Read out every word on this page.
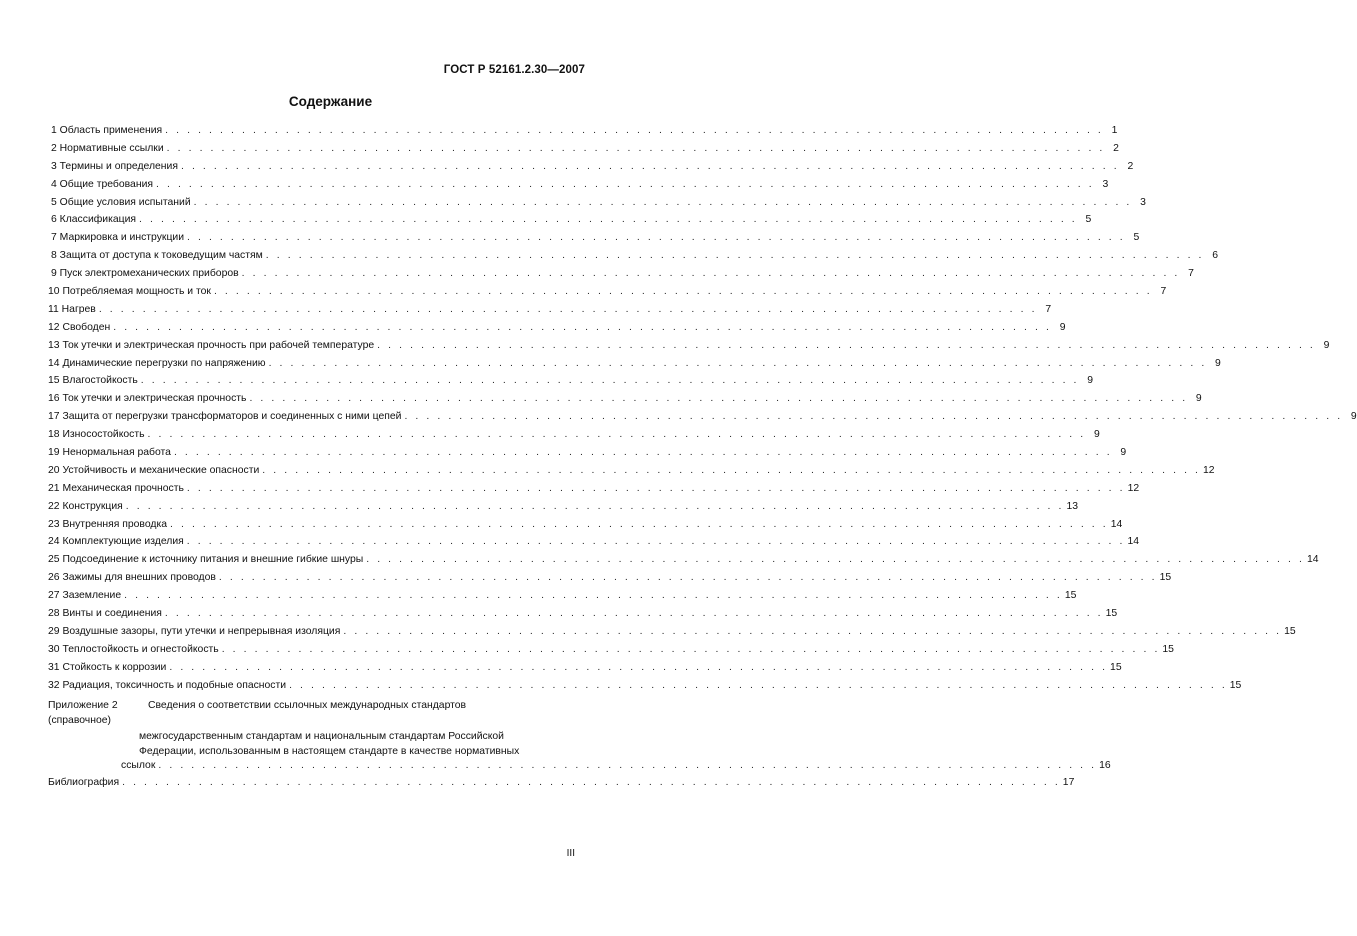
ГОСТ Р 52161.2.30—2007
Содержание
1 Область применения . . . . . . . . . . . . . . . . . . . . . . . . . . . . . . . . . . . . . . . . . . . . . . . . . . . . . . . . . . . . . . . . . . . . . . . . . . . . . . . . . . . . . . 1
2 Нормативные ссылки . . . . . . . . . . . . . . . . . . . . . . . . . . . . . . . . . . . . . . . . . . . . . . . . . . . . . . . . . . . . . . . . . . . . . . . . . . . . . . . . . . . . . . 2
3 Термины и определения . . . . . . . . . . . . . . . . . . . . . . . . . . . . . . . . . . . . . . . . . . . . . . . . . . . . . . . . . . . . . . . . . . . . . . . . . . . . . . . . . . . . . . 2
4 Общие требования . . . . . . . . . . . . . . . . . . . . . . . . . . . . . . . . . . . . . . . . . . . . . . . . . . . . . . . . . . . . . . . . . . . . . . . . . . . . . . . . . . . . . . 3
5 Общие условия испытаний . . . . . . . . . . . . . . . . . . . . . . . . . . . . . . . . . . . . . . . . . . . . . . . . . . . . . . . . . . . . . . . . . . . . . . . . . . . . . . . . . . . . . . 3
6 Классификация . . . . . . . . . . . . . . . . . . . . . . . . . . . . . . . . . . . . . . . . . . . . . . . . . . . . . . . . . . . . . . . . . . . . . . . . . . . . . . . . . . . . . . 5
7 Маркировка и инструкции . . . . . . . . . . . . . . . . . . . . . . . . . . . . . . . . . . . . . . . . . . . . . . . . . . . . . . . . . . . . . . . . . . . . . . . . . . . . . . . . . . . . . . 5
8 Защита от доступа к токоведущим частям . . . . . . . . . . . . . . . . . . . . . . . . . . . . . . . . . . . . . . . . . . . . . . . . . . . . . . . . . . . . . . . . . . . . . . . . . . . . . . . . . . . . . . 6
9 Пуск электромеханических приборов . . . . . . . . . . . . . . . . . . . . . . . . . . . . . . . . . . . . . . . . . . . . . . . . . . . . . . . . . . . . . . . . . . . . . . . . . . . . . . . . . . . . . . 7
10 Потребляемая мощность и ток . . . . . . . . . . . . . . . . . . . . . . . . . . . . . . . . . . . . . . . . . . . . . . . . . . . . . . . . . . . . . . . . . . . . . . . . . . . . . . . . . . . . . . 7
11 Нагрев . . . . . . . . . . . . . . . . . . . . . . . . . . . . . . . . . . . . . . . . . . . . . . . . . . . . . . . . . . . . . . . . . . . . . . . . . . . . . . . . . . . . . . 7
12 Свободен . . . . . . . . . . . . . . . . . . . . . . . . . . . . . . . . . . . . . . . . . . . . . . . . . . . . . . . . . . . . . . . . . . . . . . . . . . . . . . . . . . . . . . 9
13 Ток утечки и электрическая прочность при рабочей температуре . . . . . . . . . . . . . . . . . . . . . . . . . . . . . . . . . . . . . . . . . . . . . . . . . . . . . . . . . . . . . . . . . . . . . . . . . . . . . . . . . . . . . . 9
14 Динамические перегрузки по напряжению . . . . . . . . . . . . . . . . . . . . . . . . . . . . . . . . . . . . . . . . . . . . . . . . . . . . . . . . . . . . . . . . . . . . . . . . . . . . . . . . . . . . . . 9
15 Влагостойкость . . . . . . . . . . . . . . . . . . . . . . . . . . . . . . . . . . . . . . . . . . . . . . . . . . . . . . . . . . . . . . . . . . . . . . . . . . . . . . . . . . . . . . 9
16 Ток утечки и электрическая прочность . . . . . . . . . . . . . . . . . . . . . . . . . . . . . . . . . . . . . . . . . . . . . . . . . . . . . . . . . . . . . . . . . . . . . . . . . . . . . . . . . . . . . . 9
17 Защита от перегрузки трансформаторов и соединенных с ними цепей . . . . . . . . . . . . . . . . . . . . . . . . . . . . . . . . . . . . . . . . . . . . . . . . . . . . . . . . . . . . . . . . . . . . . . . . . . . . . . . . . . . . . . 9
18 Износостойкость . . . . . . . . . . . . . . . . . . . . . . . . . . . . . . . . . . . . . . . . . . . . . . . . . . . . . . . . . . . . . . . . . . . . . . . . . . . . . . . . . . . . . . 9
19 Ненормальная работа . . . . . . . . . . . . . . . . . . . . . . . . . . . . . . . . . . . . . . . . . . . . . . . . . . . . . . . . . . . . . . . . . . . . . . . . . . . . . . . . . . . . . . 9
20 Устойчивость и механические опасности . . . . . . . . . . . . . . . . . . . . . . . . . . . . . . . . . . . . . . . . . . . . . . . . . . . . . . . . . . . . . . . . . . . . . . . . . . . . . . . . . . . . . . 12
21 Механическая прочность . . . . . . . . . . . . . . . . . . . . . . . . . . . . . . . . . . . . . . . . . . . . . . . . . . . . . . . . . . . . . . . . . . . . . . . . . . . . . . . . . . . . . . 12
22 Конструкция . . . . . . . . . . . . . . . . . . . . . . . . . . . . . . . . . . . . . . . . . . . . . . . . . . . . . . . . . . . . . . . . . . . . . . . . . . . . . . . . . . . . . . 13
23 Внутренняя проводка . . . . . . . . . . . . . . . . . . . . . . . . . . . . . . . . . . . . . . . . . . . . . . . . . . . . . . . . . . . . . . . . . . . . . . . . . . . . . . . . . . . . . . 14
24 Комплектующие изделия . . . . . . . . . . . . . . . . . . . . . . . . . . . . . . . . . . . . . . . . . . . . . . . . . . . . . . . . . . . . . . . . . . . . . . . . . . . . . . . . . . . . . . 14
25 Подсоединение к источнику питания и внешние гибкие шнуры . . . . . . . . . . . . . . . . . . . . . . . . . . . . . . . . . . . . . . . . . . . . . . . . . . . . . . . . . . . . . . . . . . . . . . . . . . . . . . . . . . . . . . 14
26 Зажимы для внешних проводов . . . . . . . . . . . . . . . . . . . . . . . . . . . . . . . . . . . . . . . . . . . . . . . . . . . . . . . . . . . . . . . . . . . . . . . . . . . . . . . . . . . . . . 15
27 Заземление . . . . . . . . . . . . . . . . . . . . . . . . . . . . . . . . . . . . . . . . . . . . . . . . . . . . . . . . . . . . . . . . . . . . . . . . . . . . . . . . . . . . . . 15
28 Винты и соединения . . . . . . . . . . . . . . . . . . . . . . . . . . . . . . . . . . . . . . . . . . . . . . . . . . . . . . . . . . . . . . . . . . . . . . . . . . . . . . . . . . . . . . 15
29 Воздушные зазоры, пути утечки и непрерывная изоляция . . . . . . . . . . . . . . . . . . . . . . . . . . . . . . . . . . . . . . . . . . . . . . . . . . . . . . . . . . . . . . . . . . . . . . . . . . . . . . . . . . . . . . 15
30 Теплостойкость и огнестойкость . . . . . . . . . . . . . . . . . . . . . . . . . . . . . . . . . . . . . . . . . . . . . . . . . . . . . . . . . . . . . . . . . . . . . . . . . . . . . . . . . . . . . . 15
31 Стойкость к коррозии . . . . . . . . . . . . . . . . . . . . . . . . . . . . . . . . . . . . . . . . . . . . . . . . . . . . . . . . . . . . . . . . . . . . . . . . . . . . . . . . . . . . . . 15
32 Радиация, токсичность и подобные опасности . . . . . . . . . . . . . . . . . . . . . . . . . . . . . . . . . . . . . . . . . . . . . . . . . . . . . . . . . . . . . . . . . . . . . . . . . . . . . . . . . . . . . . 15
Приложение 2 (справочное)
Сведения о соответствии ссылочных международных стандартов
межгосударственным стандартам и национальным стандартам Российской
Федерации, использованным в настоящем стандарте в качестве нормативных
ссылок . . . . . . . . . . . . . . . . . . . . . . . . . . . . . . . . . . . . . . . . . . . . . . . . . . . . . . . . . . . . . . . . . . . . . . . . . . . . . . . . . . . . . . 16
Библиография . . . . . . . . . . . . . . . . . . . . . . . . . . . . . . . . . . . . . . . . . . . . . . . . . . . . . . . . . . . . . . . . . . . . . . . . . . . . . . . . . . . . . . 17
III
